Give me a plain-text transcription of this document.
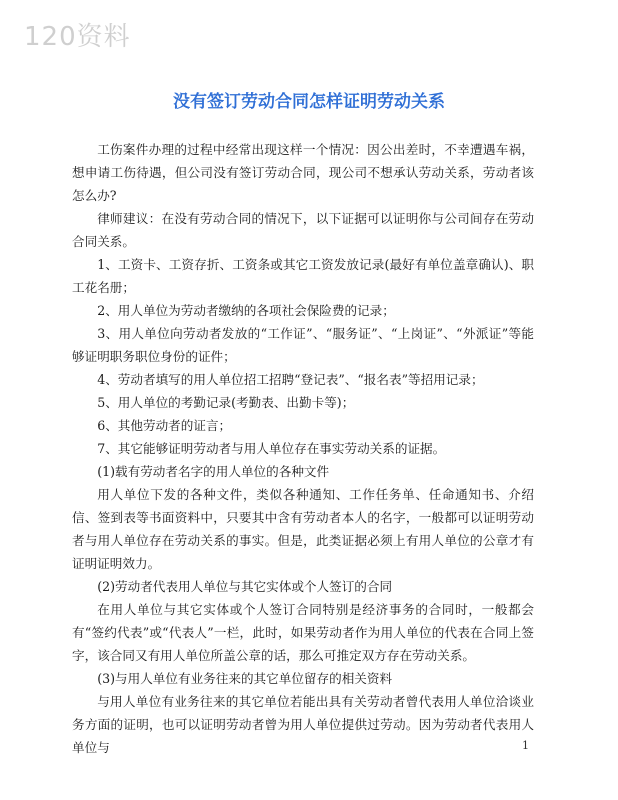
120资料
没有签订劳动合同怎样证明劳动关系

工伤案件办理的过程中经常出现这样一个情况：因公出差时，不幸遭遇车祸，想申请工伤待遇，但公司没有签订劳动合同，现公司不想承认劳动关系，劳动者该怎么办?

律师建议：在没有劳动合同的情况下，以下证据可以证明你与公司间存在劳动合同关系。

1、工资卡、工资存折、工资条或其它工资发放记录(最好有单位盖章确认)、职工花名册；

2、用人单位为劳动者缴纳的各项社会保险费的记录；

3、用人单位向劳动者发放的“工作证”、“服务证”、“上岗证”、“外派证”等能够证明职务职位身份的证件；

4、劳动者填写的用人单位招工招聘“登记表”、“报名表”等招用记录；

5、用人单位的考勤记录(考勤表、出勤卡等)；

6、其他劳动者的证言；

7、其它能够证明劳动者与用人单位存在事实劳动关系的证据。

(1)载有劳动者名字的用人单位的各种文件

用人单位下发的各种文件，类似各种通知、工作任务单、任命通知书、介绍信、签到表等书面资料中，只要其中含有劳动者本人的名字，一般都可以证明劳动者与用人单位存在劳动关系的事实。但是，此类证据必须上有用人单位的公章才有证明证明效力。

(2)劳动者代表用人单位与其它实体或个人签订的合同

在用人单位与其它实体或个人签订合同特别是经济事务的合同时，一般都会有“签约代表”或“代表人”一栏，此时，如果劳动者作为用人单位的代表在合同上签字，该合同又有用人单位所盖公章的话，那么可推定双方存在劳动关系。

(3)与用人单位有业务往来的其它单位留存的相关资料

与用人单位有业务往来的其它单位若能出具有关劳动者曾代表用人单位洽谈业务方面的证明，也可以证明劳动者曾为用人单位提供过劳动。因为劳动者代表用人单位与	1
